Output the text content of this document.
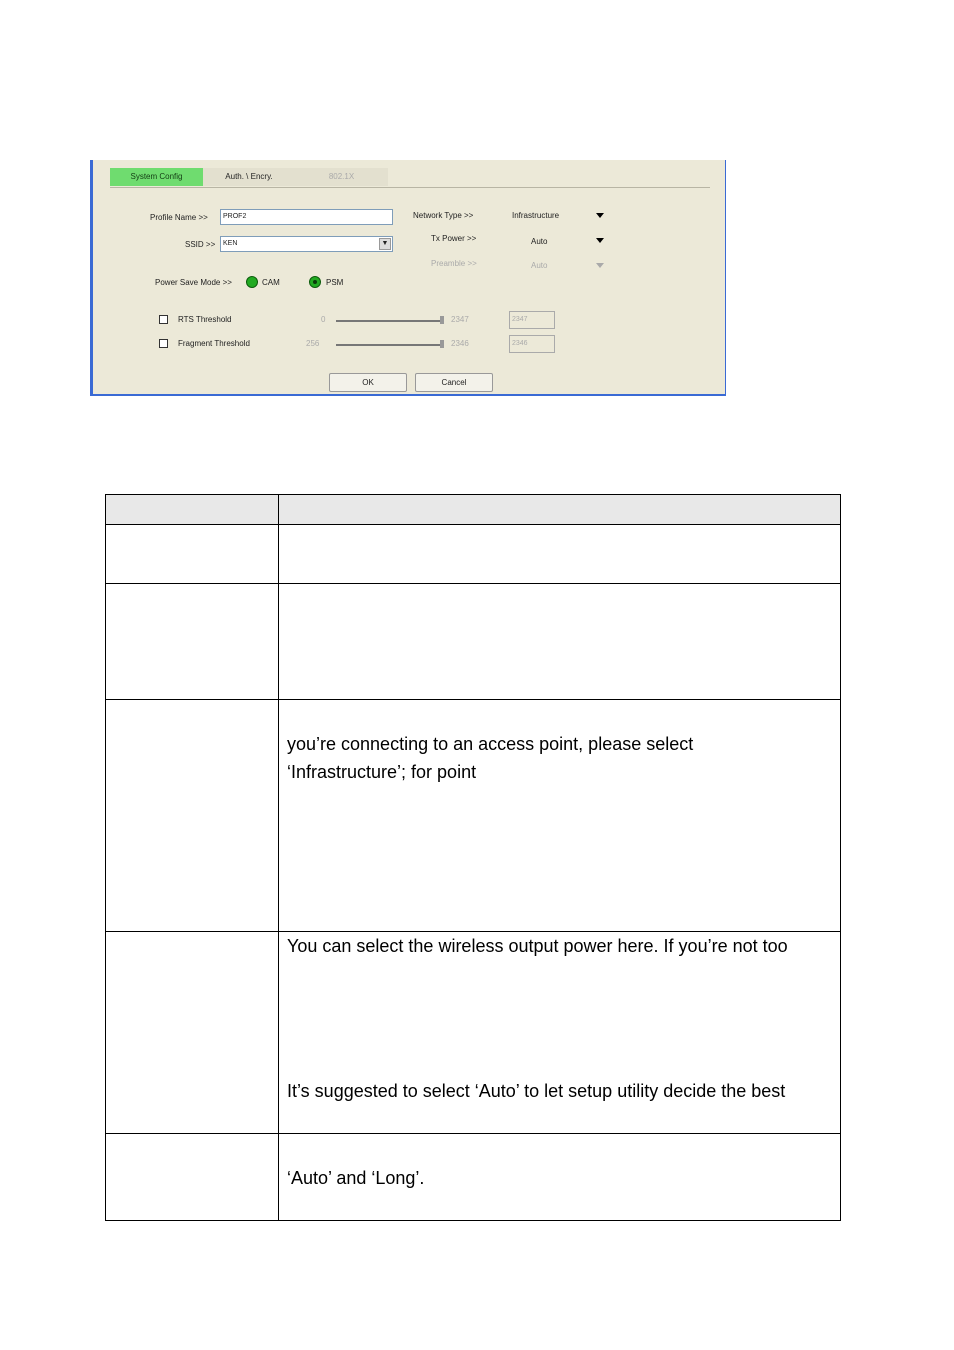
System Config	Auth. \ Encry.	802.1X
Profile Name >>	PROF2
SSID >>	KEN	▼
Network Type >>	Infrastructure
Tx Power >>	Auto
Preamble >>	Auto
Power Save Mode >>	CAM	PSM
RTS Threshold	0	2347	2347
Fragment Threshold	256	2346	2346
OK	Cancel
you’re connecting to an access point, please select
‘Infrastructure’; for point
You can select the wireless output power here. If you’re not too
It’s suggested to select ‘Auto’ to let setup utility decide the best
‘Auto’ and ‘Long’.
